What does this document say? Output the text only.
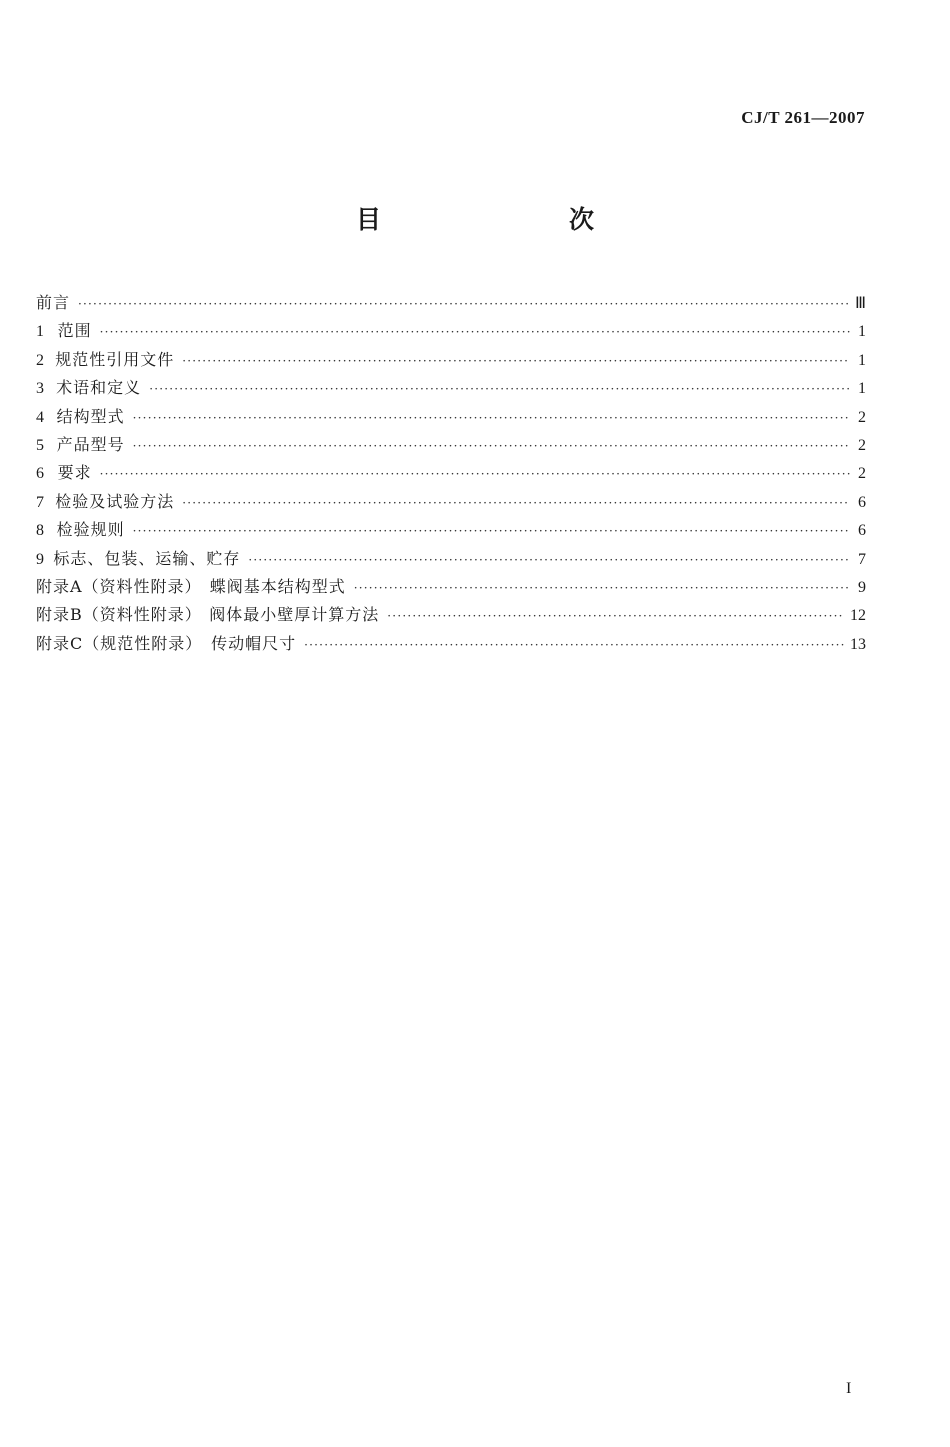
CJ/T 261—2007
目　　次
前言 ·····	Ⅲ
1 范围 ·····	1
2 规范性引用文件 ·····	1
3 术语和定义 ·····	1
4 结构型式 ·····	2
5 产品型号 ·····	2
6 要求 ·····	2
7 检验及试验方法 ·····	6
8 检验规则 ·····	6
9 标志、包装、运输、贮存 ·····	7
附录A（资料性附录） 蝶阀基本结构型式 ·····	9
附录B（资料性附录） 阀体最小壁厚计算方法 ·····	12
附录C（规范性附录） 传动帽尺寸 ·····	13
I
